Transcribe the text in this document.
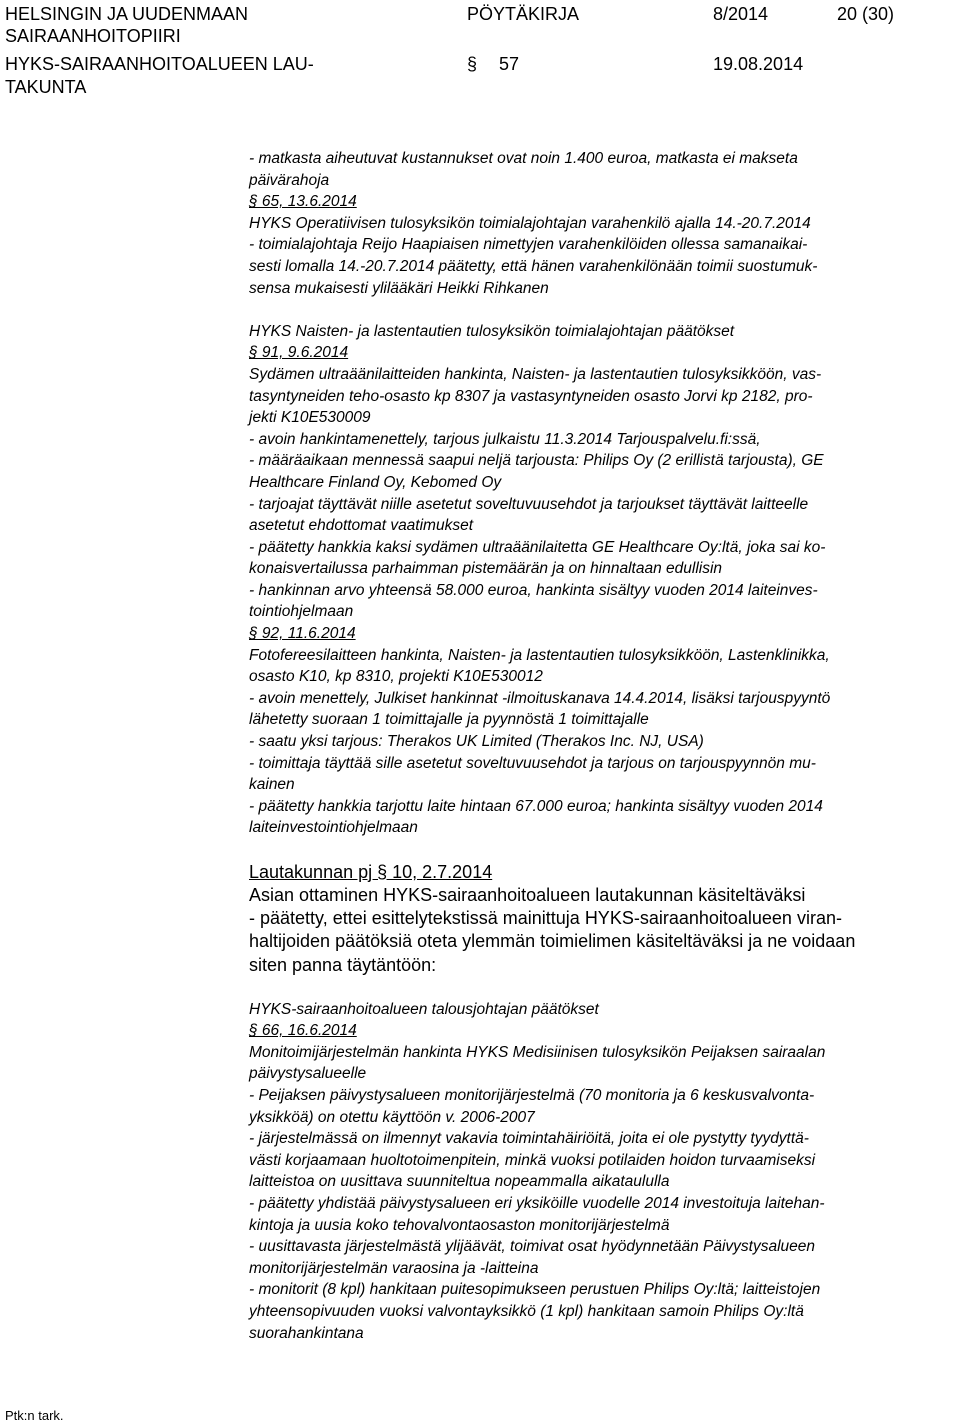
HELSINGIN JA UUDENMAAN
SAIRAANHOITOPIIRI
HYKS-SAIRAANHOITOALUEEN LAU-
TAKUNTA
PÖYTÄKIRJA
§ 57
8/2014
19.08.2014
20 (30)
- matkasta aiheutuvat kustannukset ovat noin 1.400 euroa, matkasta ei makseta
päivärahoja
§ 65, 13.6.2014
HYKS Operatiivisen tulosyksikön toimialajohtajan varahenkilö ajalla 14.-20.7.2014
- toimialajohtaja Reijo Haapiaisen nimettyjen varahenkilöiden ollessa samanaikai-
sesti lomalla 14.-20.7.2014 päätetty, että hänen varahenkilönään toimii suostumuk-
sensa mukaisesti ylilääkäri Heikki Rihkanen
HYKS Naisten- ja lastentautien tulosyksikön toimialajohtajan päätökset
§ 91, 9.6.2014
Sydämen ultraäänilaitteiden hankinta, Naisten- ja lastentautien tulosyksikköön, vas-
tasyntyneiden teho-osasto kp 8307 ja vastasyntyneiden osasto Jorvi kp 2182, pro-
jekti K10E530009
- avoin hankintamenettely, tarjous julkaistu 11.3.2014 Tarjouspalvelu.fi:ssä,
- määräaikaan mennessä saapui neljä tarjousta: Philips Oy (2 erillistä tarjousta), GE
Healthcare Finland Oy, Kebomed Oy
- tarjoajat täyttävät niille asetetut soveltuvuusehdot ja tarjoukset täyttävät laitteelle
asetetut ehdottomat vaatimukset
- päätetty hankkia kaksi sydämen ultraäänilaitetta GE Healthcare Oy:ltä, joka sai ko-
konaisvertailussa parhaimman pistemäärän ja on hinnaltaan edullisin
- hankinnan arvo yhteensä 58.000 euroa, hankinta sisältyy vuoden 2014 laiteinves-
tointiohjelmaan
§ 92, 11.6.2014
Fotofereesilaitteen hankinta, Naisten- ja lastentautien tulosyksikköön, Lastenklinikka,
osasto K10, kp 8310, projekti K10E530012
- avoin menettely, Julkiset hankinnat -ilmoituskanava 14.4.2014, lisäksi tarjouspyyntö
lähetetty suoraan 1 toimittajalle ja pyynnöstä 1 toimittajalle
- saatu yksi tarjous: Therakos UK Limited (Therakos Inc. NJ, USA)
- toimittaja täyttää sille asetetut soveltuvuusehdot ja tarjous on tarjouspyynnön mu-
kainen
- päätetty hankkia tarjottu laite hintaan 67.000 euroa; hankinta sisältyy vuoden 2014
laiteinvestointiohjelmaan
Lautakunnan pj § 10, 2.7.2014
Asian ottaminen HYKS-sairaanhoitoalueen lautakunnan käsiteltäväksi
- päätetty, ettei esittelytekstissä mainittuja HYKS-sairaanhoitoalueen viran-
haltijoiden päätöksiä oteta ylemmän toimielimen käsiteltäväksi ja ne voidaan
siten panna täytäntöön:
HYKS-sairaanhoitoalueen talousjohtajan päätökset
§ 66, 16.6.2014
Monitoimijärjestelmän hankinta HYKS Medisiinisen tulosyksikön Peijaksen sairaalan
päivystysalueelle
- Peijaksen päivystysalueen monitorijärjestelmä (70 monitoria ja 6 keskusvalvonta-
yksikköä) on otettu käyttöön v. 2006-2007
- järjestelmässä on ilmennyt vakavia toimintahäiriöitä, joita ei ole pystytty tyydyttä-
västi korjaamaan huoltotoimenpitein, minkä vuoksi potilaiden hoidon turvaamiseksi
laitteistoa on uusittava suunniteltua nopeammalla aikataululla
- päätetty yhdistää päivystysalueen eri yksiköille vuodelle 2014 investoituja laitehan-
kintoja ja uusia koko tehovalvontaosaston monitorijärjestelmä
- uusittavasta järjestelmästä ylijäävät, toimivat osat hyödynnetään Päivystysalueen
monitorijärjestelmän varaosina ja -laitteina
- monitorit (8 kpl) hankitaan puitesopimukseen perustuen Philips Oy:ltä; laitteistojen
yhteensopivuuden vuoksi valvontayksikkö (1 kpl) hankitaan samoin Philips Oy:ltä
suorahankintana
Ptk:n tark.
